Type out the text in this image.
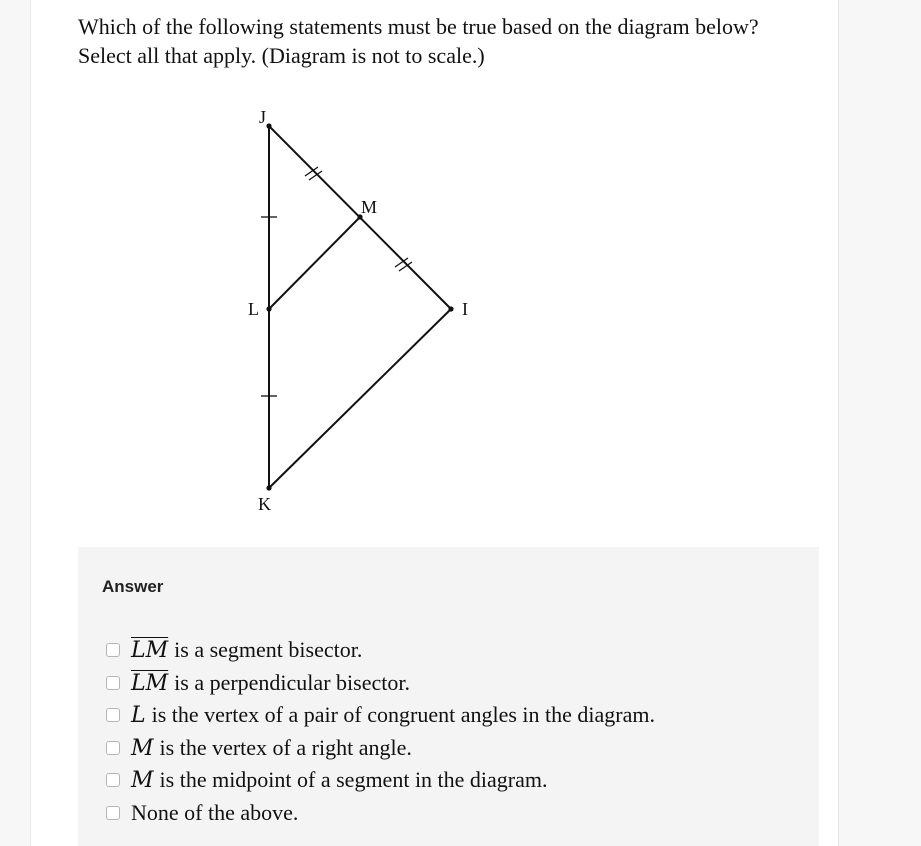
Which of the following statements must be true based on the diagram below?
Select all that apply. (Diagram is not to scale.)

J
M
L	I
K

Answer

$\overline{LM}$ is a segment bisector.
$\overline{LM}$ is a perpendicular bisector.
L is the vertex of a pair of congruent angles in the diagram.
M is the vertex of a right angle.
M is the midpoint of a segment in the diagram.
None of the above.
